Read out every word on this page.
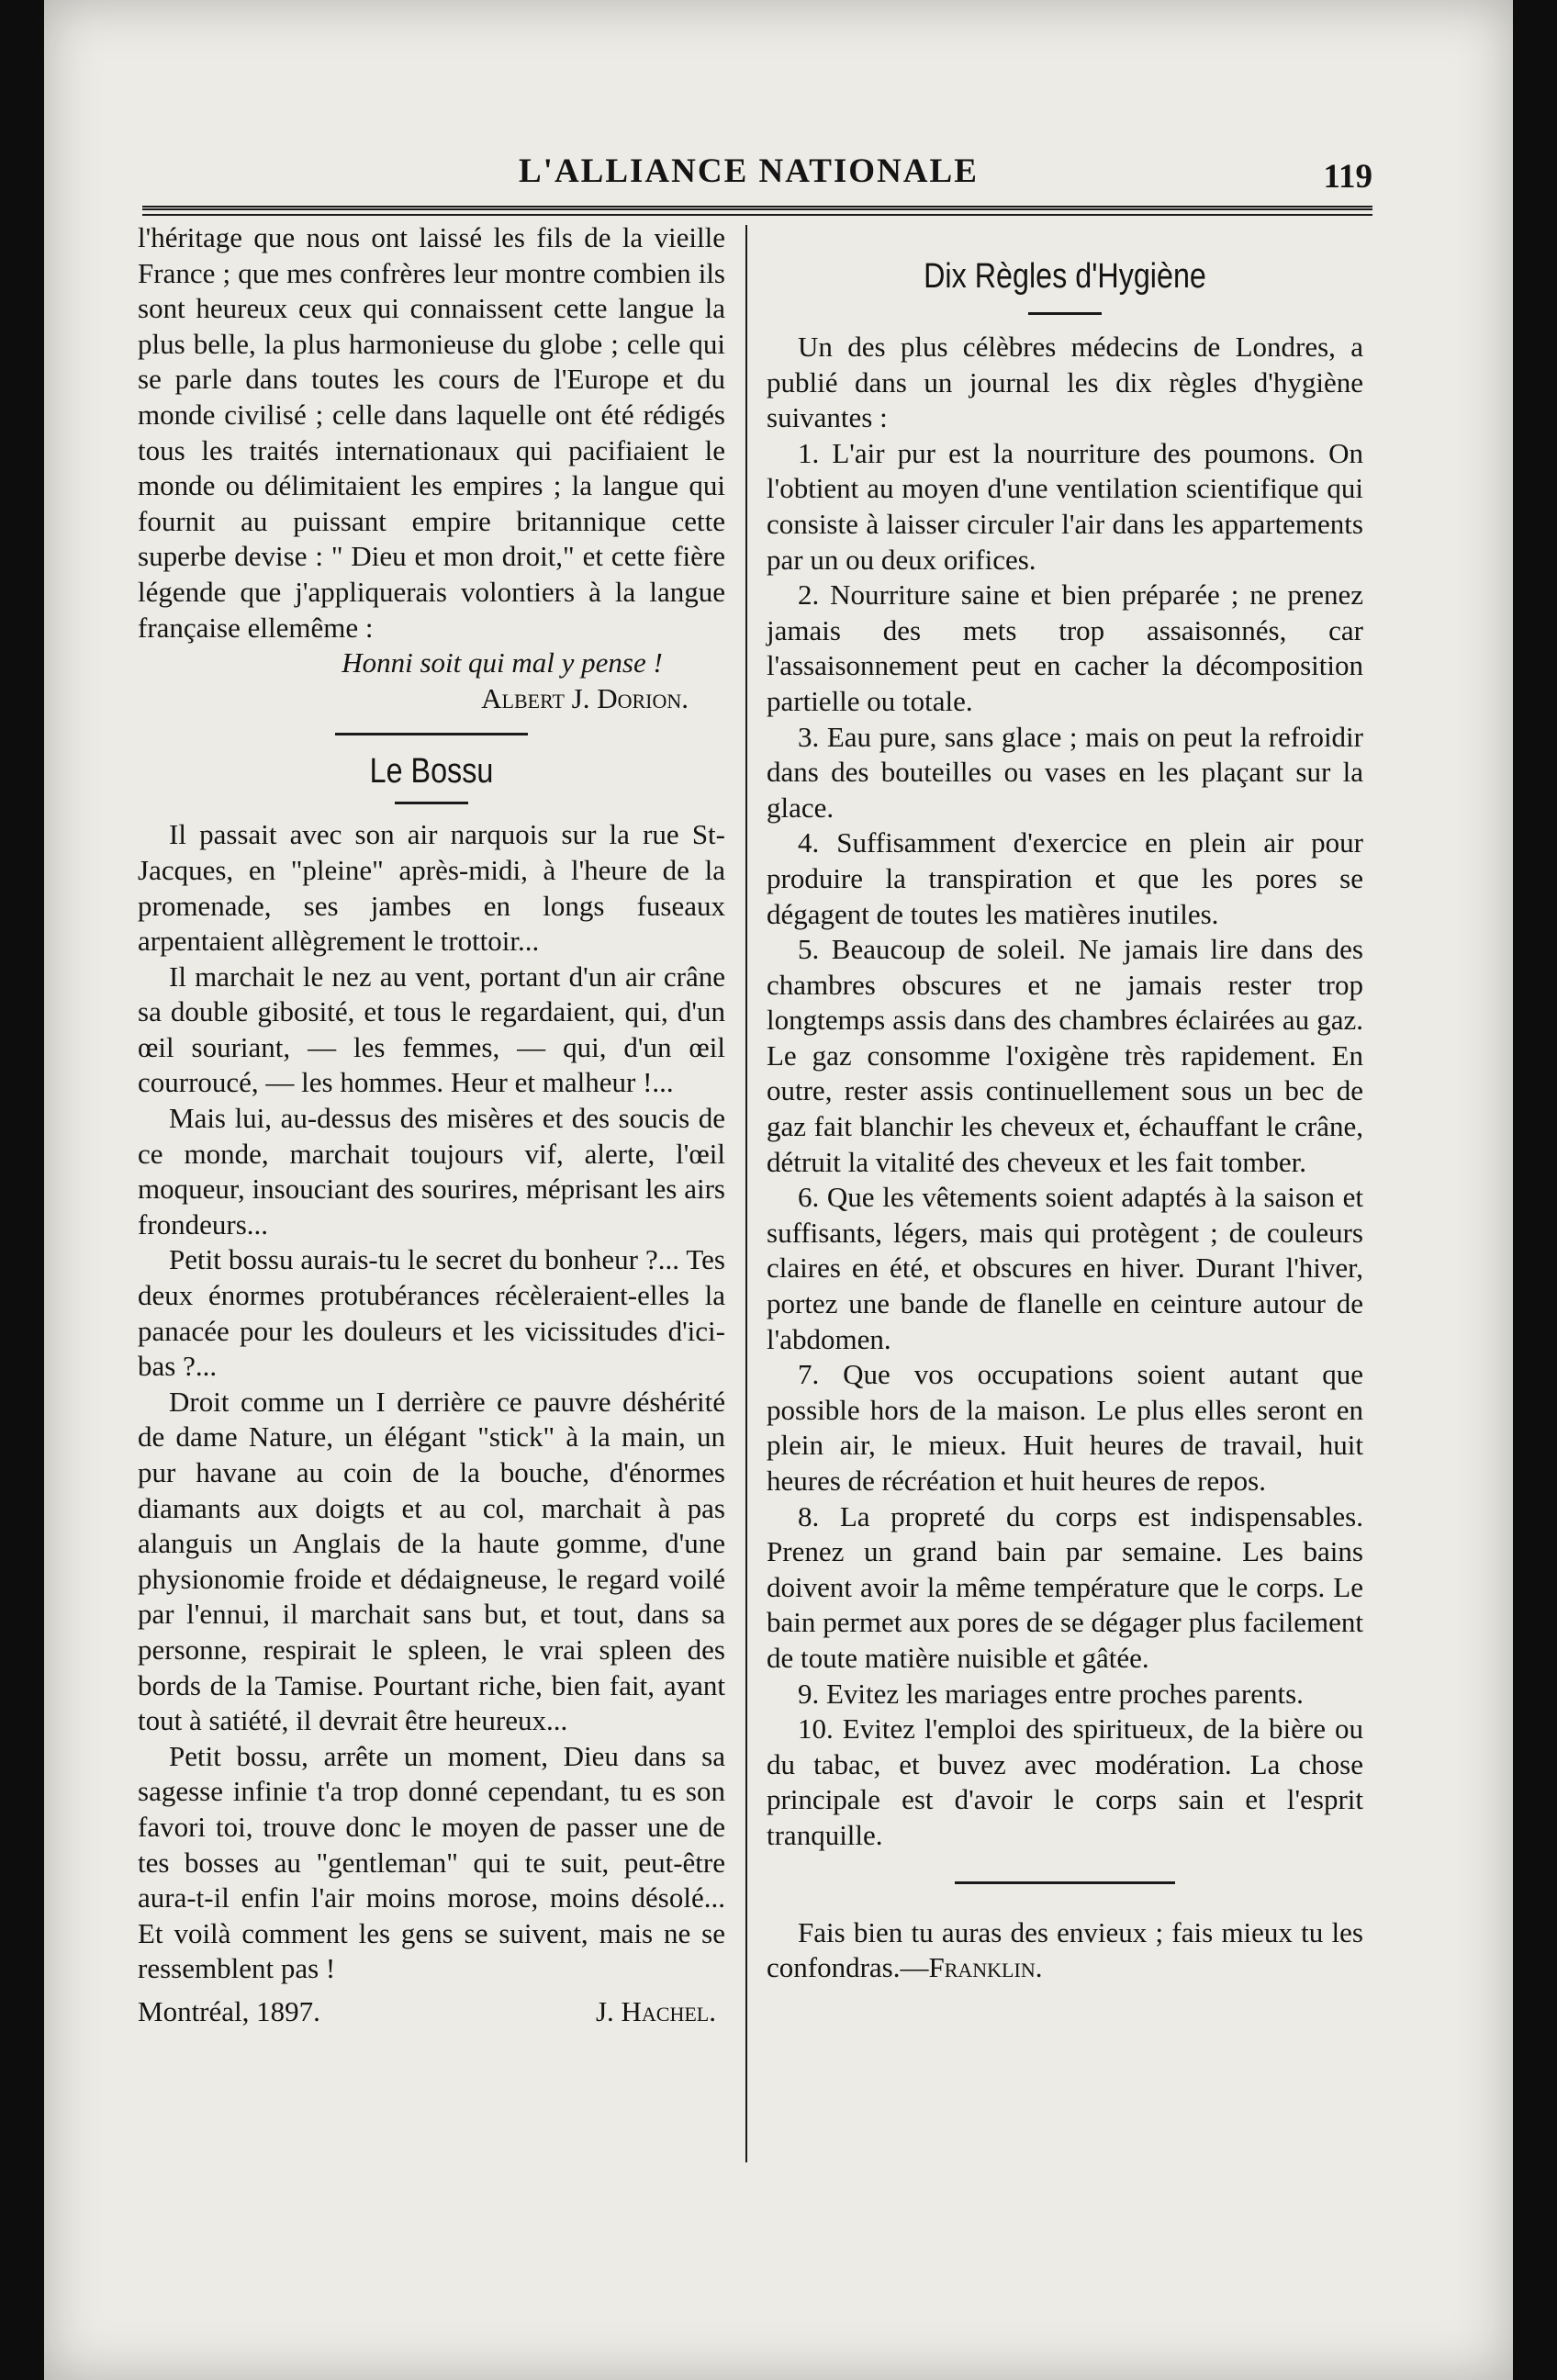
L'ALLIANCE NATIONALE	119

l'héritage que nous ont laissé les fils de la vieille France ; que mes confrères leur montre combien ils sont heureux ceux qui connaissent cette langue la plus belle, la plus harmonieuse du globe ; celle qui se parle dans toutes les cours de l'Europe et du monde civilisé ; celle dans laquelle ont été rédigés tous les traités internationaux qui pacifiaient le monde ou délimitaient les empires ; la langue qui fournit au puissant empire britannique cette superbe devise : " Dieu et mon droit," et cette fière légende que j'appliquerais volontiers à la langue française ellemême :

Honni soit qui mal y pense !

Albert J. Dorion.

Le Bossu

Il passait avec son air narquois sur la rue St-Jacques, en "pleine" après-midi, à l'heure de la promenade, ses jambes en longs fuseaux arpentaient allègrement le trottoir...

Il marchait le nez au vent, portant d'un air crâne sa double gibosité, et tous le regardaient, qui, d'un œil souriant, — les femmes, — qui, d'un œil courroucé, — les hommes. Heur et malheur !...

Mais lui, au-dessus des misères et des soucis de ce monde, marchait toujours vif, alerte, l'œil moqueur, insouciant des sourires, méprisant les airs frondeurs...

Petit bossu aurais-tu le secret du bonheur ?... Tes deux énormes protubérances récèleraient-elles la panacée pour les douleurs et les vicissitudes d'ici-bas ?...

Droit comme un I derrière ce pauvre déshérité de dame Nature, un élégant "stick" à la main, un pur havane au coin de la bouche, d'énormes diamants aux doigts et au col, marchait à pas alanguis un Anglais de la haute gomme, d'une physionomie froide et dédaigneuse, le regard voilé par l'ennui, il marchait sans but, et tout, dans sa personne, respirait le spleen, le vrai spleen des bords de la Tamise. Pourtant riche, bien fait, ayant tout à satiété, il devrait être heureux...

Petit bossu, arrête un moment, Dieu dans sa sagesse infinie t'a trop donné cependant, tu es son favori toi, trouve donc le moyen de passer une de tes bosses au "gentleman" qui te suit, peut-être aura-t-il enfin l'air moins morose, moins désolé... Et voilà comment les gens se suivent, mais ne se ressemblent pas !

Montréal, 1897.	J. Hachel.
Dix Règles d'Hygiène

Un des plus célèbres médecins de Londres, a publié dans un journal les dix règles d'hygiène suivantes :

1. L'air pur est la nourriture des poumons. On l'obtient au moyen d'une ventilation scientifique qui consiste à laisser circuler l'air dans les appartements par un ou deux orifices.

2. Nourriture saine et bien préparée ; ne prenez jamais des mets trop assaisonnés, car l'assaisonnement peut en cacher la décomposition partielle ou totale.

3. Eau pure, sans glace ; mais on peut la refroidir dans des bouteilles ou vases en les plaçant sur la glace.

4. Suffisamment d'exercice en plein air pour produire la transpiration et que les pores se dégagent de toutes les matières inutiles.

5. Beaucoup de soleil. Ne jamais lire dans des chambres obscures et ne jamais rester trop longtemps assis dans des chambres éclairées au gaz. Le gaz consomme l'oxigène très rapidement. En outre, rester assis continuellement sous un bec de gaz fait blanchir les cheveux et, échauffant le crâne, détruit la vitalité des cheveux et les fait tomber.

6. Que les vêtements soient adaptés à la saison et suffisants, légers, mais qui protègent ; de couleurs claires en été, et obscures en hiver. Durant l'hiver, portez une bande de flanelle en ceinture autour de l'abdomen.

7. Que vos occupations soient autant que possible hors de la maison. Le plus elles seront en plein air, le mieux. Huit heures de travail, huit heures de récréation et huit heures de repos.

8. La propreté du corps est indispensables. Prenez un grand bain par semaine. Les bains doivent avoir la même température que le corps. Le bain permet aux pores de se dégager plus facilement de toute matière nuisible et gâtée.

9. Evitez les mariages entre proches parents.

10. Evitez l'emploi des spiritueux, de la bière ou du tabac, et buvez avec modération. La chose principale est d'avoir le corps sain et l'esprit tranquille.

Fais bien tu auras des envieux ; fais mieux tu les confondras.—Franklin.
